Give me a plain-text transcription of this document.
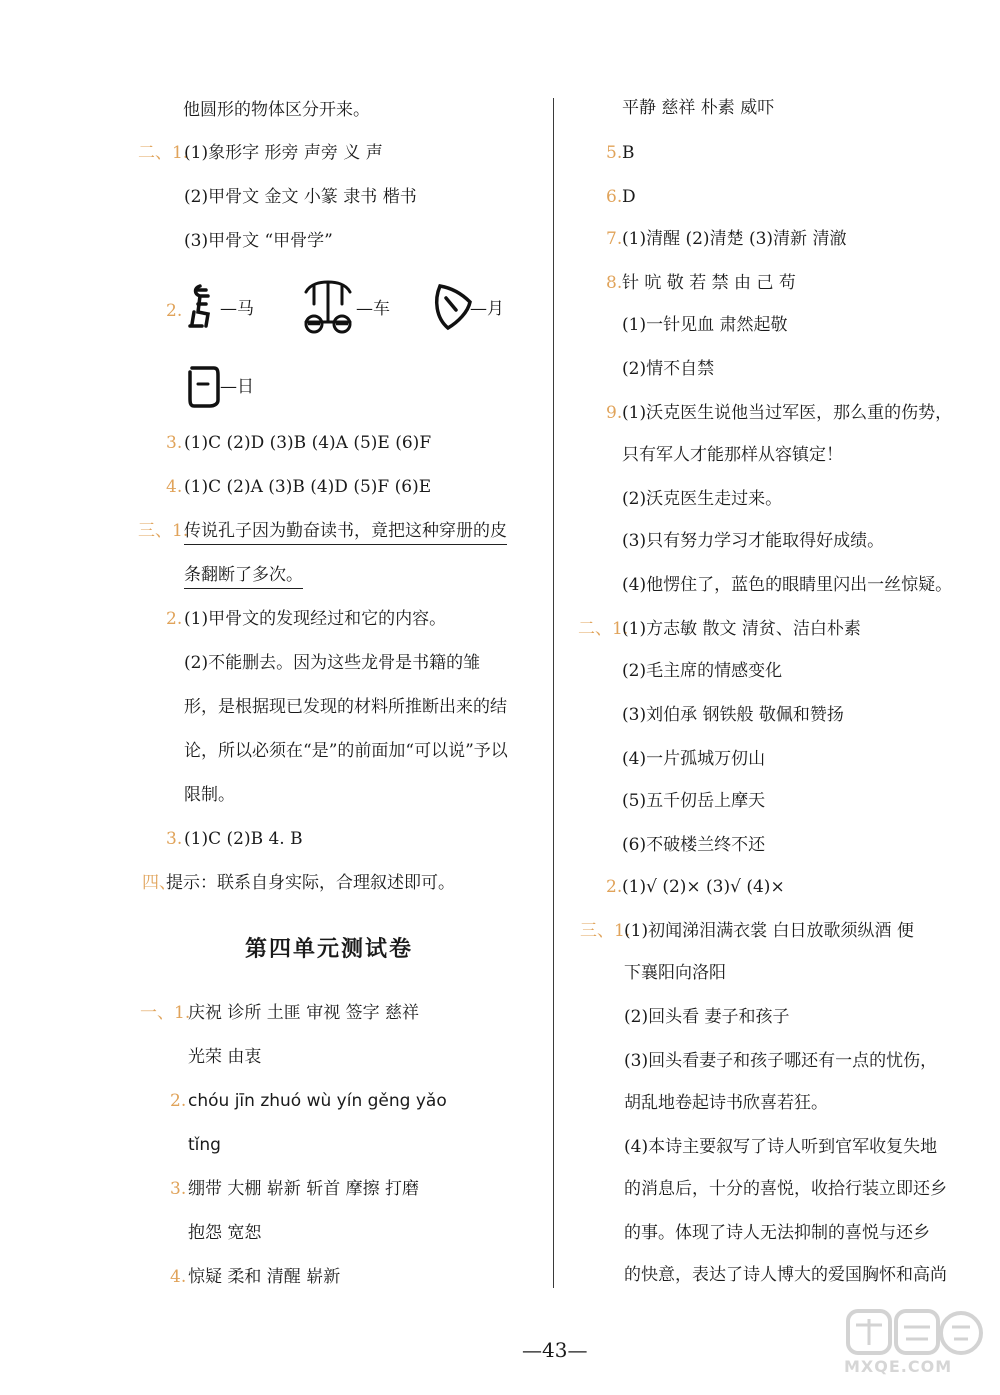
他圆形的物体区分开来。
二、1.
(1)象形字 形旁 声旁 义 声
(2)甲骨文 金文 小篆 隶书 楷书
(3)甲骨文 “甲骨学”
2. —马	—车	—月
—日
3. (1)C (2)D (3)B (4)A (5)E (6)F
4. (1)C (2)A (3)B (4)D (5)F (6)E
三、1.
传说孔子因为勤奋读书，竟把这种穿册的皮
条翻断了多次。
2. (1)甲骨文的发现经过和它的内容。
(2)不能删去。因为这些龙骨是书籍的雏
形，是根据现已发现的材料所推断出来的结
论，所以必须在“是”的前面加“可以说”予以
限制。
3. (1)C (2)B 4. B
四、
提示：联系自身实际，合理叙述即可。
第四单元测试卷
一、1.
庆祝 诊所 土匪 审视 签字 慈祥
光荣 由衷
2. chóu jīn zhuó wù yín gěng yǎo
tǐng
3. 绷带 大棚 崭新 斩首 摩擦 打磨
抱怨 宽恕
4. 惊疑 柔和 清醒 崭新
平静 慈祥 朴素 威吓
5. B
6. D
7. (1)清醒 (2)清楚 (3)清新 清澈
8. 针 吭 敬 若 禁 由 己 苟
(1)一针见血 肃然起敬
(2)情不自禁
9. (1)沃克医生说他当过军医，那么重的伤势，
只有军人才能那样从容镇定！
(2)沃克医生走过来。
(3)只有努力学习才能取得好成绩。
(4)他愣住了，蓝色的眼睛里闪出一丝惊疑。
二、1.
(1)方志敏 散文 清贫、洁白朴素
(2)毛主席的情感变化
(3)刘伯承 钢铁般 敬佩和赞扬
(4)一片孤城万仞山
(5)五千仞岳上摩天
(6)不破楼兰终不还
2. (1)√ (2)× (3)√ (4)×
三、1.
(1)初闻涕泪满衣裳 白日放歌须纵酒 便
下襄阳向洛阳
(2)回头看 妻子和孩子
(3)回头看妻子和孩子哪还有一点的忧伤，
胡乱地卷起诗书欣喜若狂。
(4)本诗主要叙写了诗人听到官军收复失地
的消息后，十分的喜悦，收拾行装立即还乡
的事。体现了诗人无法抑制的喜悦与还乡
的快意，表达了诗人博大的爱国胸怀和高尚
—43—
MXQE.COM
